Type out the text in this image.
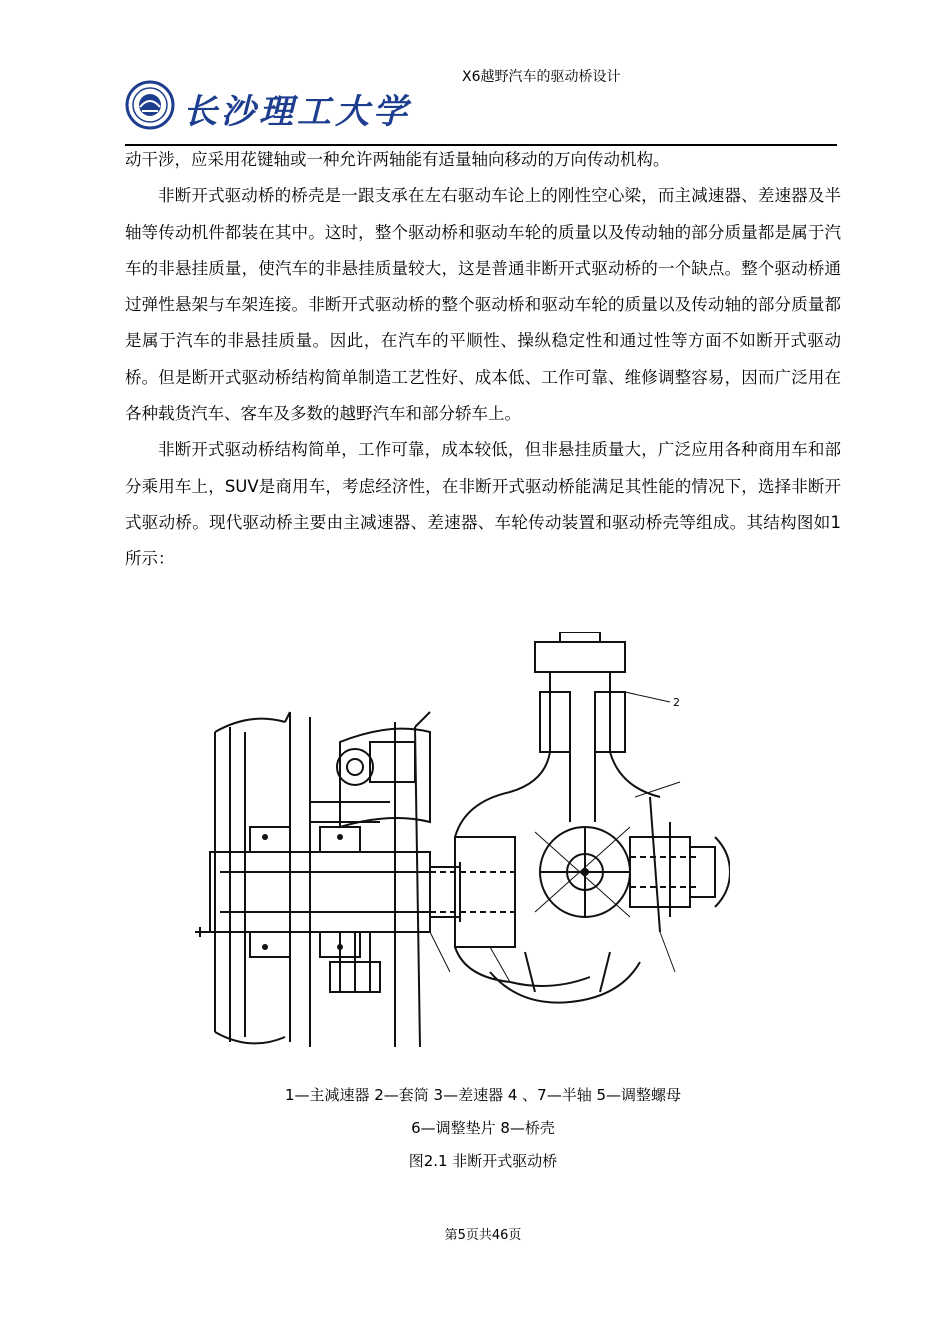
长沙理工大学
X6越野汽车的驱动桥设计

动干涉，应采用花键轴或一种允许两轴能有适量轴向移动的万向传动机构。

非断开式驱动桥的桥壳是一跟支承在左右驱动车论上的刚性空心梁，而主减速器、差速器及半轴等传动机件都装在其中。这时，整个驱动桥和驱动车轮的质量以及传动轴的部分质量都是属于汽车的非悬挂质量，使汽车的非悬挂质量较大，这是普通非断开式驱动桥的一个缺点。整个驱动桥通过弹性悬架与车架连接。非断开式驱动桥的整个驱动桥和驱动车轮的质量以及传动轴的部分质量都是属于汽车的非悬挂质量。因此，在汽车的平顺性、操纵稳定性和通过性等方面不如断开式驱动桥。但是断开式驱动桥结构简单制造工艺性好、成本低、工作可靠、维修调整容易，因而广泛用在各种载货汽车、客车及多数的越野汽车和部分轿车上。

非断开式驱动桥结构简单，工作可靠，成本较低，但非悬挂质量大，广泛应用各种商用车和部分乘用车上，SUV是商用车，考虑经济性，在非断开式驱动桥能满足其性能的情况下，选择非断开式驱动桥。现代驱动桥主要由主减速器、差速器、车轮传动装置和驱动桥壳等组成。其结构图如1所示：

2
1—主减速器 2—套筒 3—差速器 4 、7—半轴 5—调整螺母
6—调整垫片 8—桥壳
图2.1 非断开式驱动桥
第5页共46页
